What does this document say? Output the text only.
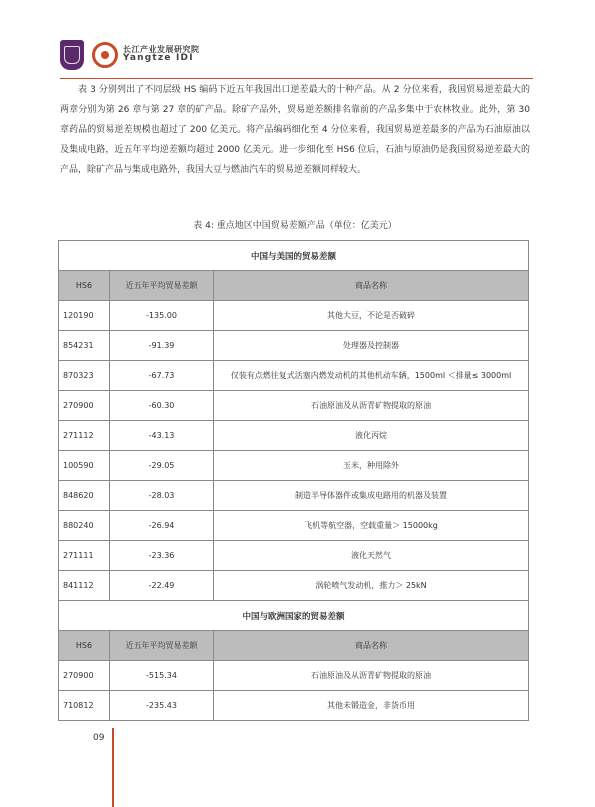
长江产业发展研究院
Yangtze IDI
表 3 分别列出了不同层级 HS 编码下近五年我国出口逆差最大的十种产品。从 2 分位来看，我国贸易逆差最大的两章分别为第 26 章与第 27 章的矿产品。除矿产品外，贸易逆差额排名靠前的产品多集中于农林牧业。此外，第 30 章药品的贸易逆差规模也超过了 200 亿美元。将产品编码细化至 4 分位来看，我国贸易逆差最多的产品为石油原油以及集成电路，近五年平均逆差额均超过 2000 亿美元。进一步细化至 HS6 位后，石油与原油仍是我国贸易逆差最大的产品，除矿产品与集成电路外，我国大豆与燃油汽车的贸易逆差额同样较大。
表 4: 重点地区中国贸易差额产品（单位：亿美元）
中国与美国的贸易差额		
HS6	近五年平均贸易差额	商品名称
120190	-135.00	其他大豆，不论是否破碎
854231	-91.39	处理器及控制器
870323	-67.73	仅装有点燃往复式活塞内燃发动机的其他机动车辆，1500ml ＜排量≤ 3000ml
270900	-60.30	石油原油及从沥青矿物提取的原油
271112	-43.13	液化丙烷
100590	-29.05	玉米，种用除外
848620	-28.03	制造半导体器件或集成电路用的机器及装置
880240	-26.94	飞机等航空器，空载重量＞ 15000kg
271111	-23.36	液化天然气
841112	-22.49	涡轮喷气发动机，推力＞ 25kN
中国与欧洲国家的贸易差额		
HS6	近五年平均贸易差额	商品名称
270900	-515.34	石油原油及从沥青矿物提取的原油
710812	-235.43	其他未锻造金，非货币用
09
